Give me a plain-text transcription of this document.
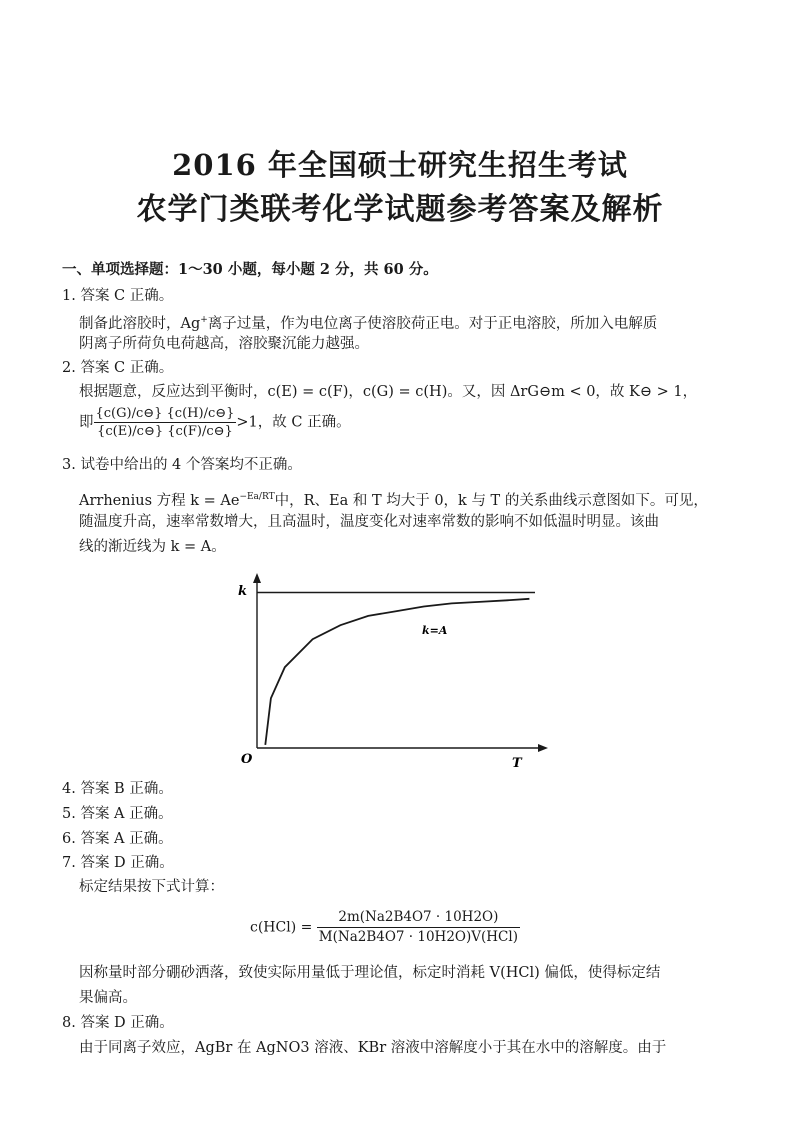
2016 年全国硕士研究生招生考试
农学门类联考化学试题参考答案及解析
一、单项选择题：1～30 小题，每小题 2 分，共 60 分。
1. 答案 C 正确。
制备此溶胶时，Ag+离子过量，作为电位离子使溶胶荷正电。对于正电溶胶，所加入电解质
阴离子所荷负电荷越高，溶胶聚沉能力越强。
2. 答案 C 正确。
根据题意，反应达到平衡时，c(E) = c(F)，c(G) = c(H)。又，因 ΔrG⊖m < 0，故 K⊖ > 1，
即 $\frac{\{c(G)/c⊖\} \{c(H)/c⊖\}}{\{c(E)/c⊖\} \{c(F)/c⊖\}} >1$，故 C 正确。
3. 试卷中给出的 4 个答案均不正确。
Arrhenius 方程 $k = Ae^{-Ea/RT}$中，R、Ea 和 T 均大于 0，k 与 T 的关系曲线示意图如下。可见，
随温度升高，速率常数增大，且高温时，温度变化对速率常数的影响不如低温时明显。该曲
线的渐近线为 k = A。
k
O	T
k=A
4. 答案 B 正确。
5. 答案 A 正确。
6. 答案 A 正确。
7. 答案 D 正确。
标定结果按下式计算：
$c(HCl) = \frac{2m(Na2B4O7 \cdot 10H2O)}{\text{M(Na2B4O7 · 10H2O)V(HCl)}}$
因称量时部分硼砂洒落，致使实际用量低于理论值，标定时消耗 V(HCl) 偏低，使得标定结
果偏高。
8. 答案 D 正确。
由于同离子效应，AgBr 在 AgNO3 溶液、KBr 溶液中溶解度小于其在水中的溶解度。由于
